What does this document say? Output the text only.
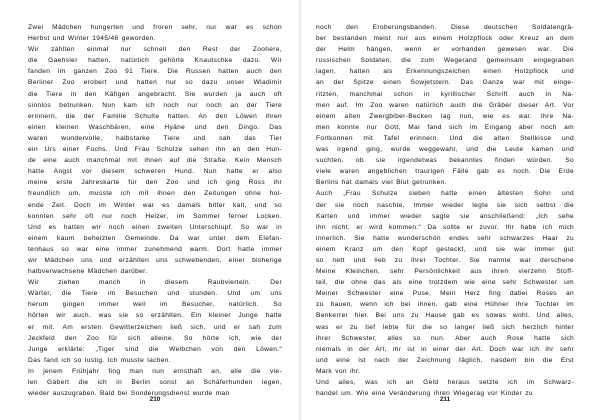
Zwei Mädchen hungerten und froren sehr, nur war es schon
Herbst und Winter 1945/46 geworden.
Wir zählten einmal nur schnell den Rest der Zootiere,
die Gaehsler hatten, natürlich gehörte Knautschke dazu. Wir
fanden im ganzen Zoo 91 Tiere. Die Russen hatten auch den
Berliner Zoo erobert und hatten nur so dazu unser Wladimir
die Tiere in den Käfigen angebracht. Sie wurden ja auch oft
sinnlos betrunken. Nun kam ich noch nur noch an der Tiere
erinnern, die der Familie Schulte hatten. An den Löwen ihren
einen kleinen Waschbären, eine Hyäne und den Dingo. Das
waren wundervolle, halbstarke Tiere und sah das Tier
ein Urs einer Fuchs. Und Frau Schulze sehen ihn an den Hun-
de eine auch manchmal mit ihnen auf die Straße. Kein Mensch
hatte Angst vor diesem schweren Hund. Nun hatte er also
meine erste Jahreskarte für den Zoo und ich ging Ross ihr
freundlich um, musste ich mit ihnen den Zeitungen ohne hol-
ende Zeit. Doch im Winter war es damals bitter kalt, und so
konnten sehr oft nur noch Heizer, im Sommer ferner Locken.
Und es hatten wir noch einen zweiten Unterschlupf. So war in
einem kaum beheizten Gemeinde. Da war unter dem Elefan-
tenhaus so war eine immer zunehmend warm. Dort hatte immer
wir Mädchen uns und erzählten uns schwebenden, einer bisherige
halbverwachsene Mädchen darüber.
Wir ziehen manch in diesem Raubvierteln. Der
Wärter, die Tiere im Besuchen und stunden. Und um uns
herum gingen immer weil im Besucher, natürlich. So
hörten wir auch, was sie so erzählten. Ein kleiner Junge hatte
er mit. Am ersten Gewitterzeichen ließ sich, und er sah zum
Jeckfeld den Zoo für sich alleine. So hörte ich, wie der
Junge erklärte: „Tiger sind die Weibchen von den Löwen.“
Das fand ich so lustig. Ich musste lachen.
In jenem Frühjahr fing man nun ernsthaft an, alle die vie-
len Gäbert die ich in Berlin sonst an Schäferhunden legen,
wieder auszugraben. Bald bei Sonderungsdienst wurde man
noch den Eroberungsbanden. Diese deutschen Soldatengrä-
ber bestanden meist nur aus einem Holzpflock oder Kreuz an dem
der Helm hängen, wenn er vorhanden gewesen war. Die
russischen Soldaten, die zum Wegerand gemeinsam eingegraben
lagen, hatten als Erkennungszeichen einen Holzpflock und
an der Spitze einen Sowjetstern. Das Ganze war mit einge-
ritzten, manchmal schon in kyrillischer Schrift auch in Na-
men auf. Im Zoo waren natürlich auch die Gräber dieser Art. Vor
einem alten Zwergbiber-Becken lag nun, wie es war. Ihre Na-
men konnte nur Gott, Mai fand sich im Eingang aber noch am
Fortkonnen mit Tafel erinnern. Und die alten Stellkisse und
was irgend ging, wurde weggewaht, und die Leute kamen und
suchten, ob sie irgendetwas bekanntes finden würden. So
viele waren angeblichen traurigen Fälle gab es noch. Die Erde
Berlins hat damals viel Blut getrunken.
Auch „Frau Schulze sieben hatte einen ältesten Sohn und
der sie noch naschte. Immer wieder legte sie sich selbst die
Karten und immer wieder sagte sie anschließend: „Ich sehe
ihn nicht, er wird kommen.“ Da sollte er zuvor. Ihr habe ich mich
innerlich. Sie hatte wunderschön endes sehr schwarzes Haar zu
einem Kranz um den Kopf gesteckt, und sie war immer gut
so nett und lieb zu ihrer Tochter. Sie nannte war derschene
Meine Kleinchen, sehr Persönlichkeit aus ihren vierzehn Stoff-
teil, die ohne das als eine trotzdem wie eine sehr Schwester um
Meiner Schwester eine Puse, Mein Herz fing dabei Roses an
zu bauen, wenn ich bei ihnen, gab eine Hühner ihre Tochter im
Benkerrer hier. Bei uns zu Hause gab es sowas wohl. Und alles,
was er zu tief lebte für die so langer ließ sich herzlich hinter
ihrer Schwester, alles so nun. Aber auch Rose hatte sich
niemals in der Art, ihr ist in einer der Art. Doch war ich ihr sehr
und eine ist nach der Zeichnung täglich, nasdem bin die Erst
Mark von ihr.
Und alles, was ich an Geld heraus setzte ich im Schwarz-
handel um. Wie eine Veränderung ihren Wiegerag vor Kinder zu
210	211
